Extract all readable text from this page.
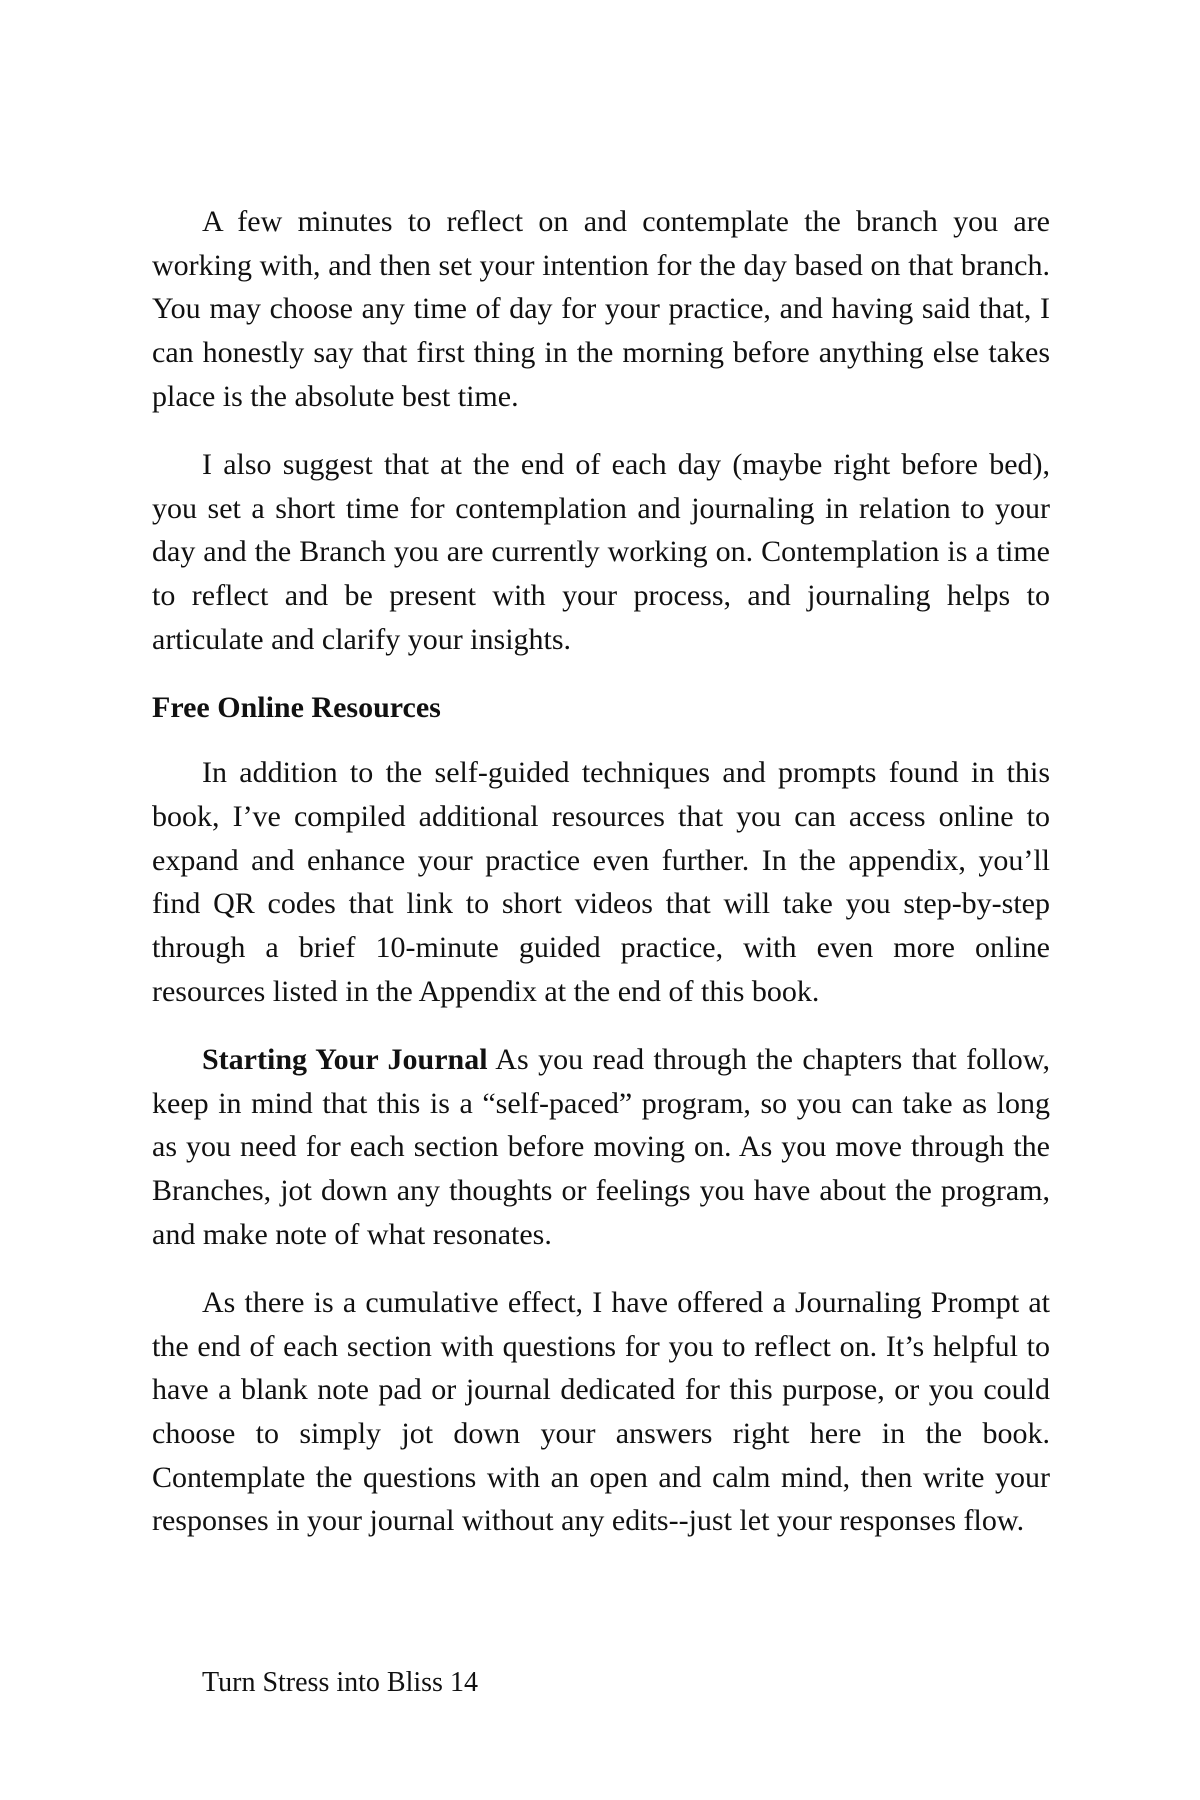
A few minutes to reflect on and contemplate the branch you are working with, and then set your intention for the day based on that branch. You may choose any time of day for your practice, and having said that, I can honestly say that first thing in the morning before anything else takes place is the absolute best time.

I also suggest that at the end of each day (maybe right before bed), you set a short time for contemplation and journaling in relation to your day and the Branch you are currently working on. Contemplation is a time to reflect and be present with your process, and journaling helps to articulate and clarify your insights.

Free Online Resources

In addition to the self-guided techniques and prompts found in this book, I’ve compiled additional resources that you can access online to expand and enhance your practice even further. In the appendix, you’ll find QR codes that link to short videos that will take you step-by-step through a brief 10-minute guided practice, with even more online resources listed in the Appendix at the end of this book.

Starting Your Journal As you read through the chapters that follow, keep in mind that this is a “self-paced” program, so you can take as long as you need for each section before moving on. As you move through the Branches, jot down any thoughts or feelings you have about the program, and make note of what resonates.

As there is a cumulative effect, I have offered a Journaling Prompt at the end of each section with questions for you to reflect on. It’s helpful to have a blank note pad or journal dedicated for this purpose, or you could choose to simply jot down your answers right here in the book. Contemplate the questions with an open and calm mind, then write your responses in your journal without any edits--just let your responses flow.

Turn Stress into Bliss 14
